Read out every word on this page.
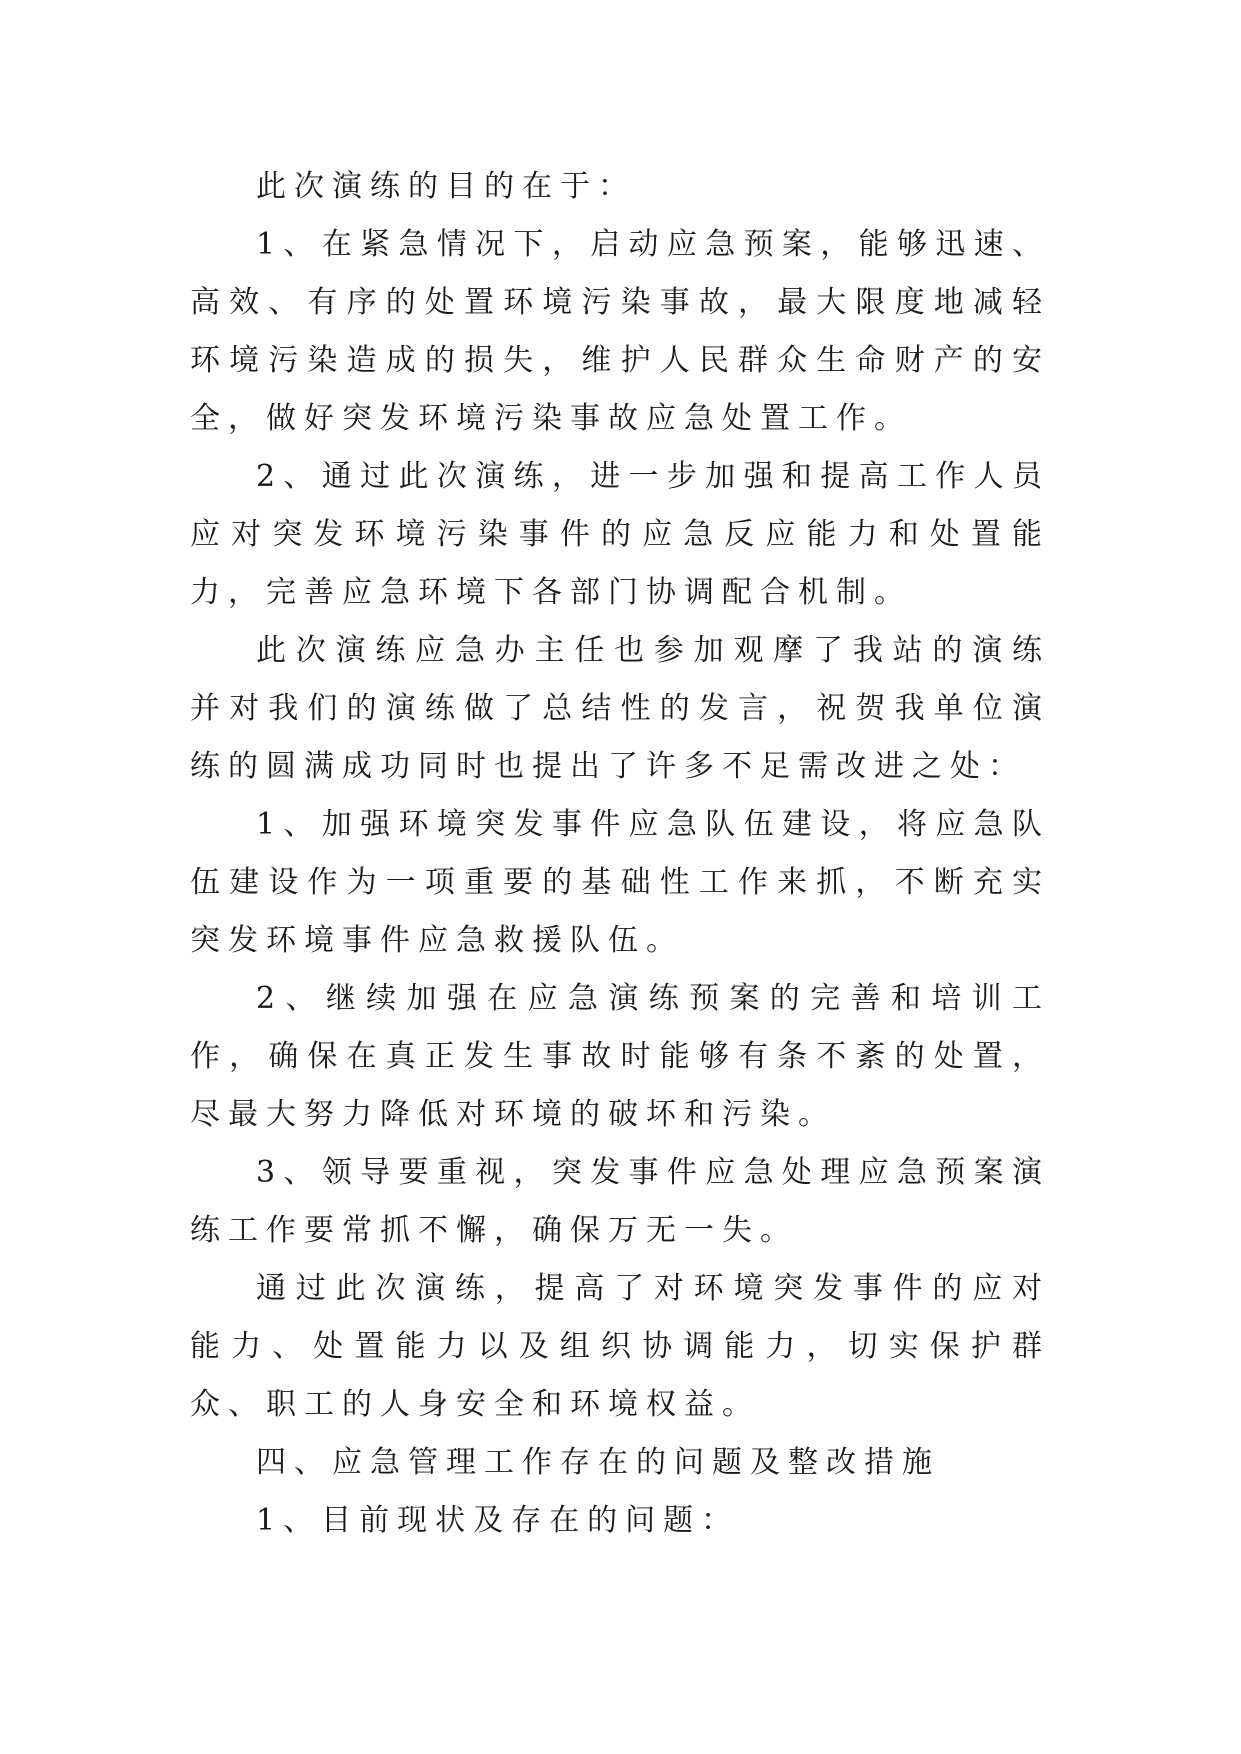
此次演练的目的在于：

1、在紧急情况下，启动应急预案，能够迅速、高效、有序的处置环境污染事故，最大限度地减轻环境污染造成的损失，维护人民群众生命财产的安全，做好突发环境污染事故应急处置工作。

2、通过此次演练，进一步加强和提高工作人员应对突发环境污染事件的应急反应能力和处置能力，完善应急环境下各部门协调配合机制。

此次演练应急办主任也参加观摩了我站的演练并对我们的演练做了总结性的发言，祝贺我单位演练的圆满成功同时也提出了许多不足需改进之处：

1、加强环境突发事件应急队伍建设，将应急队伍建设作为一项重要的基础性工作来抓，不断充实突发环境事件应急救援队伍。

2、继续加强在应急演练预案的完善和培训工作，确保在真正发生事故时能够有条不紊的处置，尽最大努力降低对环境的破坏和污染。

3、领导要重视，突发事件应急处理应急预案演练工作要常抓不懈，确保万无一失。

通过此次演练，提高了对环境突发事件的应对能力、处置能力以及组织协调能力，切实保护群众、职工的人身安全和环境权益。

四、应急管理工作存在的问题及整改措施

1、目前现状及存在的问题：
